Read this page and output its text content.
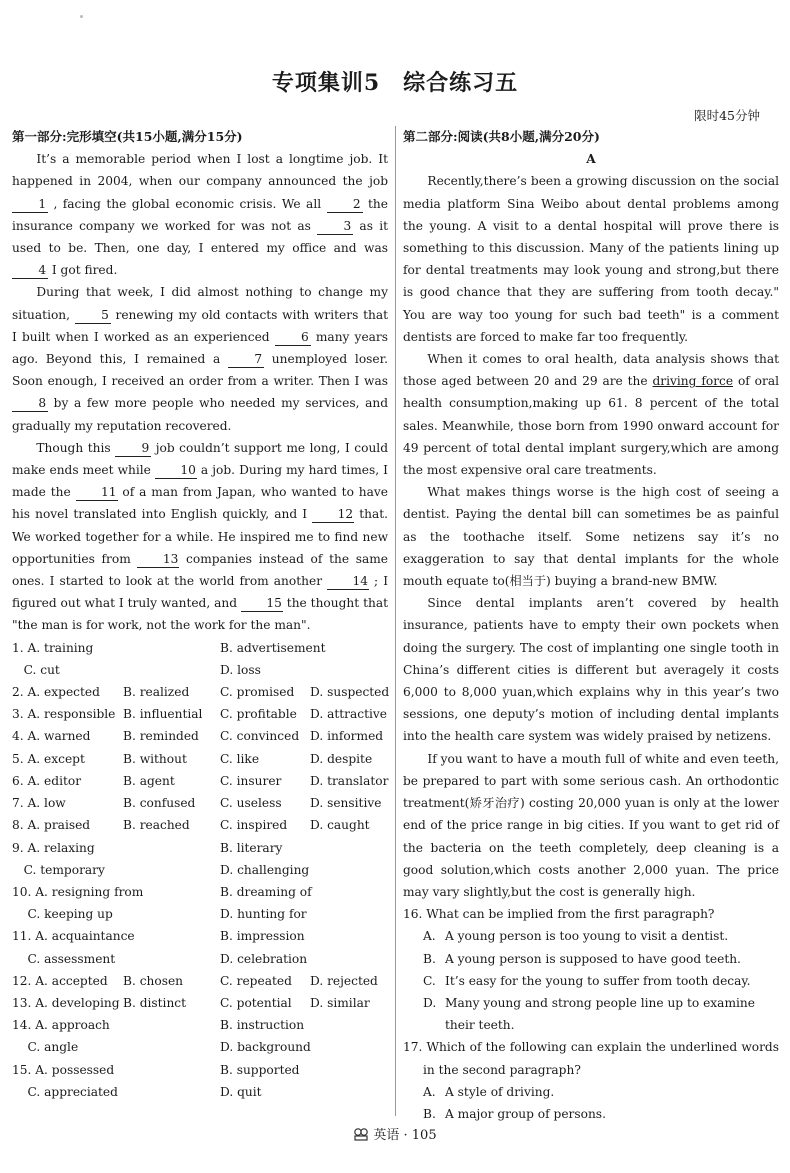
专项集训5　综合练习五
限时45分钟
第一部分:完形填空(共15小题,满分15分)

It’s a memorable period when I lost a longtime job. It happened in 2004, when our company announced the job 1 , facing the global economic crisis. We all 2 the insurance company we worked for was not as 3 as it used to be. Then, one day, I entered my office and was 4 I got fired.

During that week, I did almost nothing to change my situation, 5 renewing my old contacts with writers that I built when I worked as an experienced 6 many years ago. Beyond this, I remained a 7 unemployed loser. Soon enough, I received an order from a writer. Then I was 8 by a few more people who needed my services, and gradually my reputation recovered.

Though this 9 job couldn’t support me long, I could make ends meet while 10 a job. During my hard times, I made the 11 of a man from Japan, who wanted to have his novel translated into English quickly, and I 12 that. We worked together for a while. He inspired me to find new opportunities from 13 companies instead of the same ones. I started to look at the world from another 14 ; I figured out what I truly wanted, and 15 the thought that "the man is for work, not the work for the man".

1. A. training	B. advertisement
C. cut	D. loss
2. A. expected	B. realized	C. promised	D. suspected
3. A. responsible B. influential	C. profitable	D. attractive
4. A. warned	B. reminded	C. convinced D. informed
5. A. except	B. without	C. like	D. despite
6. A. editor	B. agent	C. insurer	D. translator
7. A. low	B. confused	C. useless	D. sensitive
8. A. praised	B. reached	C. inspired	D. caught
9. A. relaxing	B. literary
C. temporary	D. challenging
10. A. resigning from	B. dreaming of
C. keeping up	D. hunting for
11. A. acquaintance	B. impression
C. assessment	D. celebration
12. A. accepted	B. chosen	C. repeated	D. rejected
13. A. developing B. distinct	C. potential	D. similar
14. A. approach	B. instruction
C. angle	D. background
15. A. possessed	B. supported
C. appreciated	D. quit
第二部分:阅读(共8小题,满分20分)
A

Recently,there’s been a growing discussion on the social media platform Sina Weibo about dental problems among the young. A visit to a dental hospital will prove there is something to this discussion. Many of the patients lining up for dental treatments may look young and strong,but there is good chance that they are suffering from tooth decay." You are way too young for such bad teeth" is a comment dentists are forced to make far too frequently.

When it comes to oral health, data analysis shows that those aged between 20 and 29 are the driving force of oral health consumption,making up 61. 8 percent of the total sales. Meanwhile, those born from 1990 onward account for 49 percent of total dental implant surgery,which are among the most expensive oral care treatments.

What makes things worse is the high cost of seeing a dentist. Paying the dental bill can sometimes be as painful as the toothache itself. Some netizens say it’s no exaggeration to say that dental implants for the whole mouth equate to(相当于) buying a brand-new BMW.

Since dental implants aren’t covered by health insurance, patients have to empty their own pockets when doing the surgery. The cost of implanting one single tooth in China’s different cities is different but averagely it costs 6,000 to 8,000 yuan,which explains why in this year’s two sessions, one deputy’s motion of including dental implants into the health care system was widely praised by netizens.

If you want to have a mouth full of white and even teeth, be prepared to part with some serious cash. An orthodontic treatment(矫牙治疗) costing 20,000 yuan is only at the lower end of the price range in big cities. If you want to get rid of the bacteria on the teeth completely, deep cleaning is a good solution,which costs another 2,000 yuan. The price may vary slightly,but the cost is generally high.

16. What can be implied from the first paragraph?
A. A young person is too young to visit a dentist.
B. A young person is supposed to have good teeth.
C. It’s easy for the young to suffer from tooth decay.
D. Many young and strong people line up to examine their teeth.
17. Which of the following can explain the underlined words in the second paragraph?
A. A style of driving.
B. A major group of persons.
英语 · 105
